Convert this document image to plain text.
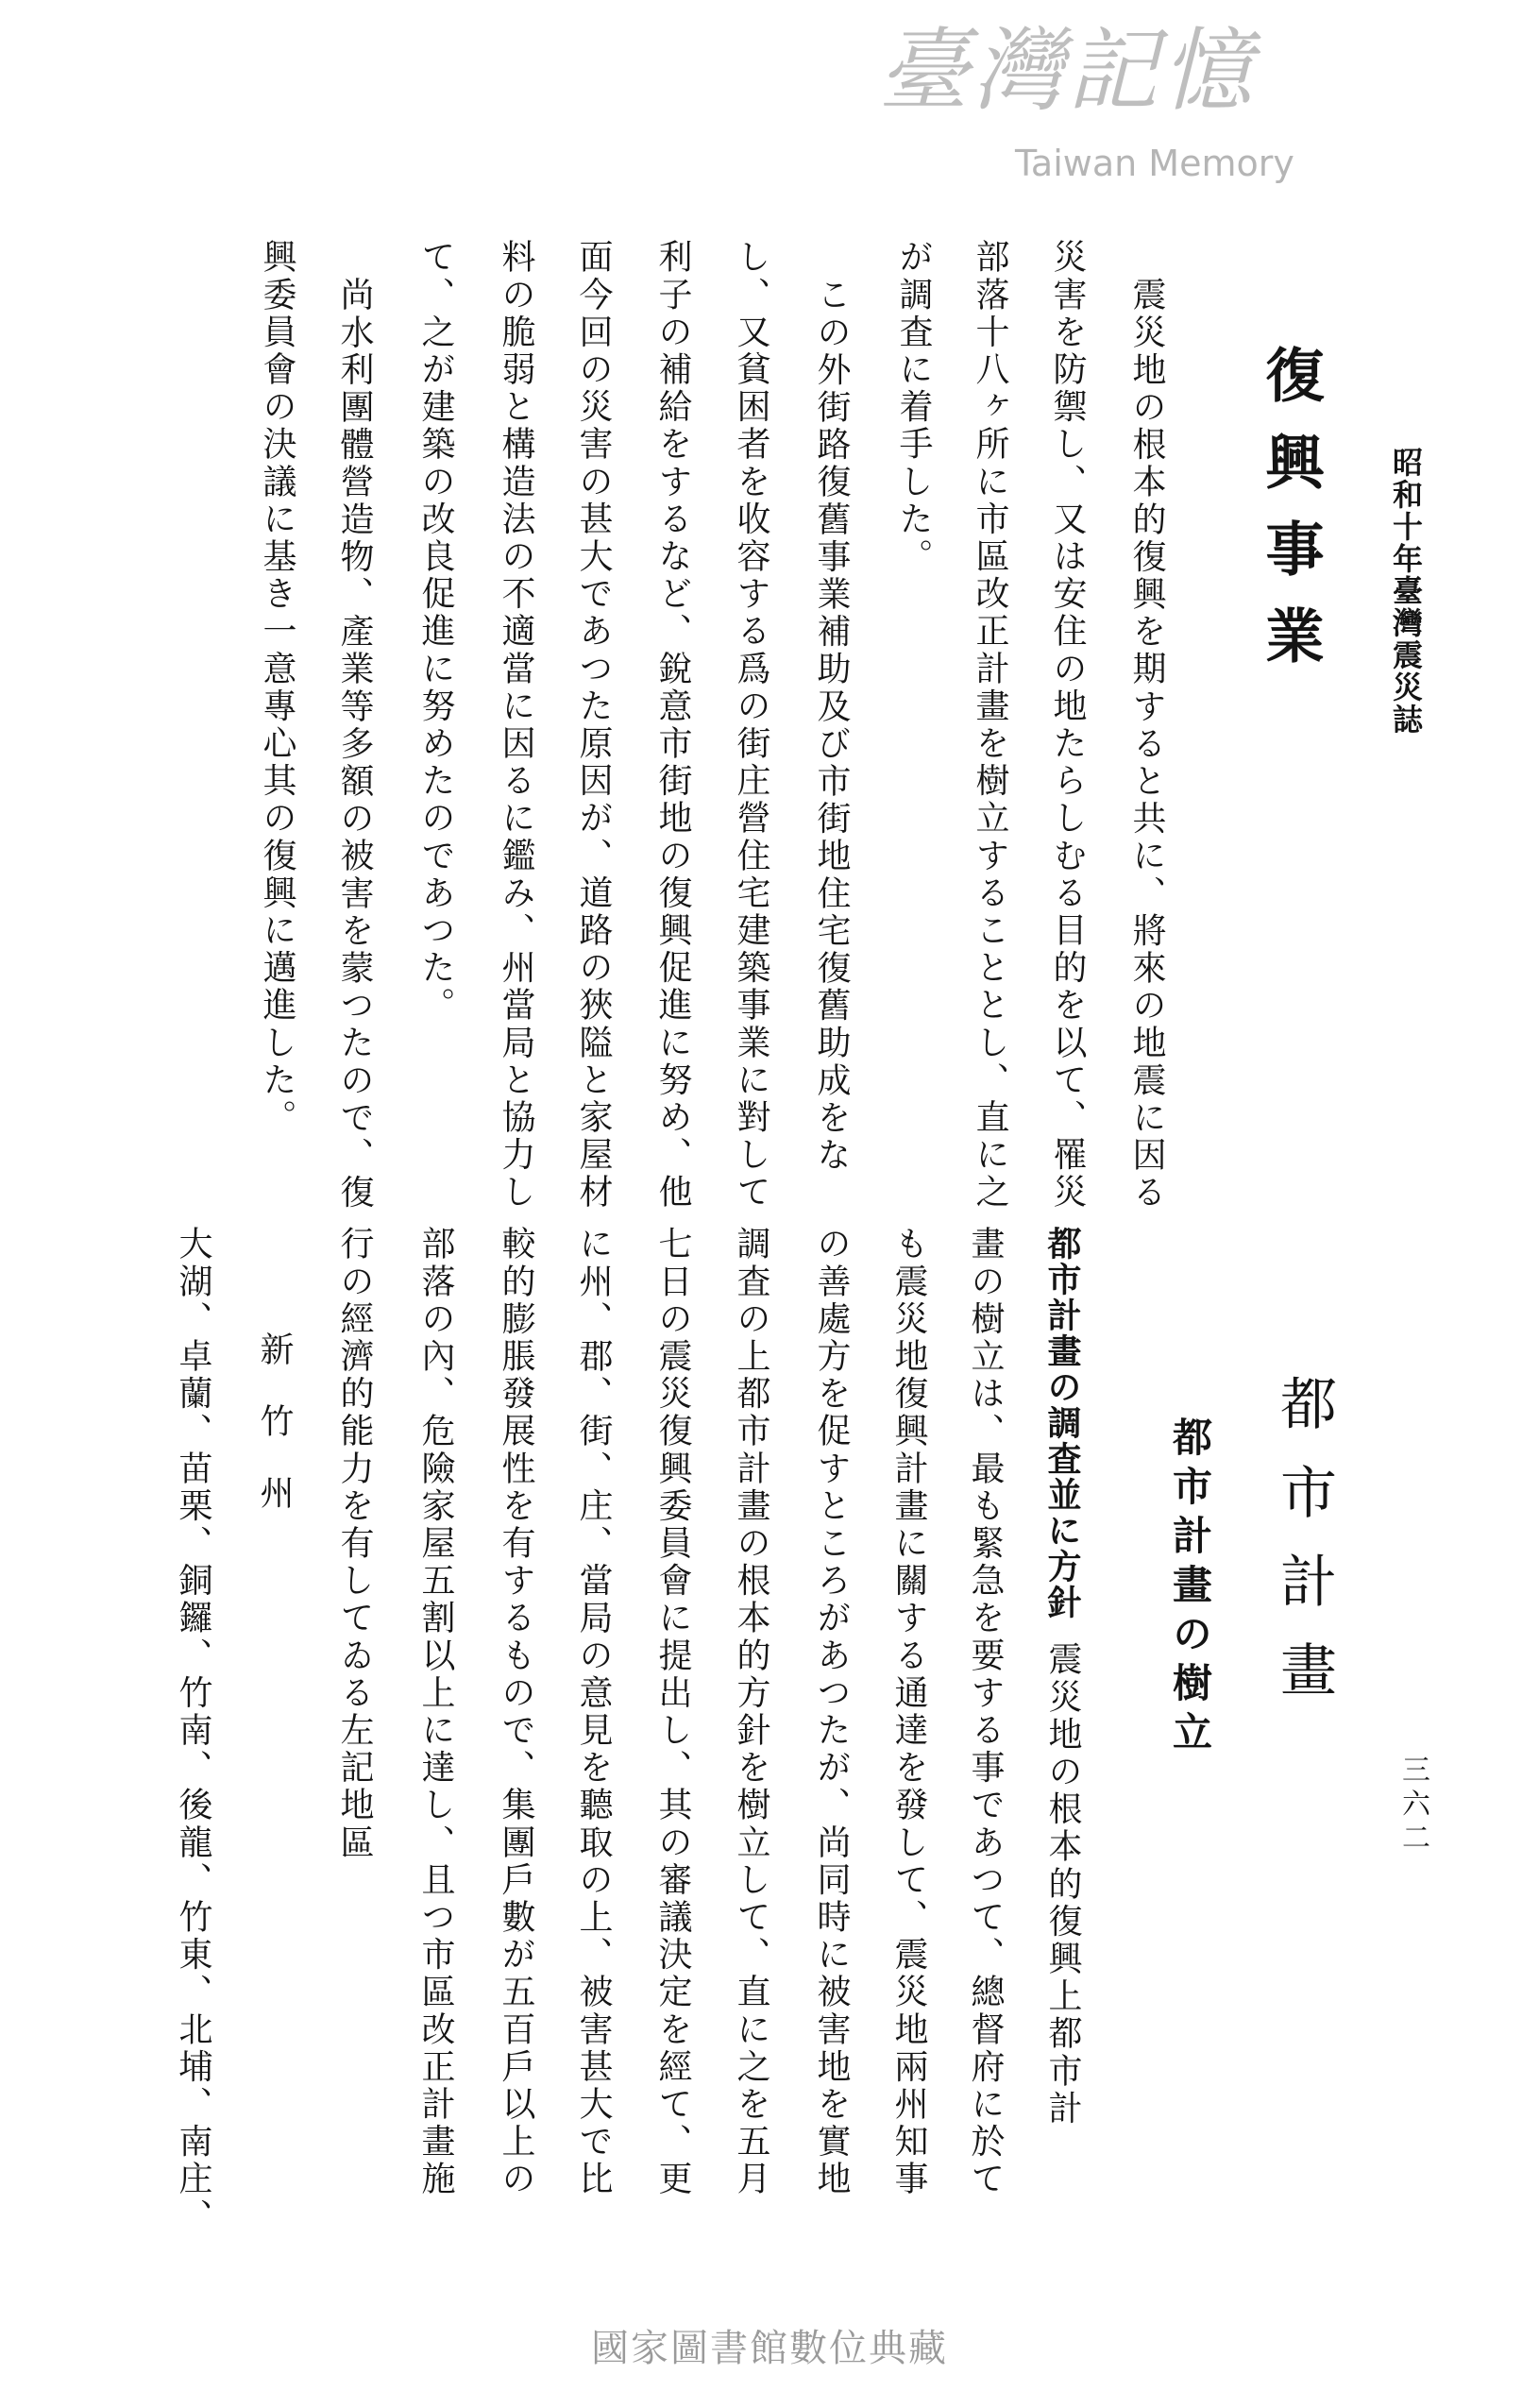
昭和十年臺灣震災誌
復興事業
震災地の根本的復興を期すると共に、將來の地震に因る
災害を防禦し、又は安住の地たらしむる目的を以て、罹災
部落十八ヶ所に市區改正計畫を樹立することとし、直に之
が調査に着手した。
この外街路復舊事業補助及び市街地住宅復舊助成をな
し、又貧困者を收容する爲の街庄營住宅建築事業に對して
利子の補給をするなど、銳意市街地の復興促進に努め、他
面今回の災害の甚大であつた原因が、道路の狹隘と家屋材
料の脆弱と構造法の不適當に因るに鑑み、州當局と協力し
て、之が建築の改良促進に努めたのであつた。
尚水利團體營造物、產業等多額の被害を蒙つたので、復
興委員會の決議に基き一意專心其の復興に邁進した。
都市計畫
都市計畫の樹立
三六二
都市計畫の調査並に方針震災地の根本的復興上都市計
畫の樹立は、最も緊急を要する事であつて、總督府に於て
も震災地復興計畫に關する通達を發して、震災地兩州知事
の善處方を促すところがあつたが、尚同時に被害地を實地
調査の上都市計畫の根本的方針を樹立して、直に之を五月
七日の震災復興委員會に提出し、其の審議決定を經て、更
に州、郡、街、庄、當局の意見を聽取の上、被害甚大で比
較的膨脹發展性を有するもので、集團戶數が五百戶以上の
部落の內、危險家屋五割以上に達し、且つ市區改正計畫施
行の經濟的能力を有してゐる左記地區
新　竹　州
大湖、卓蘭、苗栗、銅鑼、竹南、後龍、竹東、北埔、南庄、
臺灣記憶
Taiwan Memory
國家圖書館數位典藏
